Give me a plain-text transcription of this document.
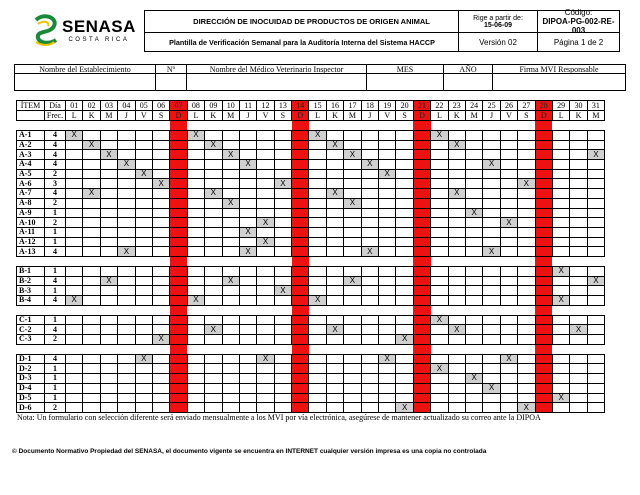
SENASA
COSTA RICA
DIRECCIÓN DE INOCUIDAD DE PRODUCTOS DE ORIGEN ANIMAL	Rige a partir de:
15-06-09
Código:
DIPOA-PG-002-RE-003
Plantilla de Verificación Semanal para la Auditoría Interna del Sistema HACCP	Versión 02	Página 1 de 2
Nombre del Establecimiento	Nº	Nombre del Médico Veterinario Inspector	MES	AÑO	Firma MVI Responsable
ÍTEM	Día	01	02	03	04	05	06	07	08	09	10	11	12	13	14	15	16	17	18	19	20	21	22	23	24	25	26	27	28	29	30	31
	Frec.	L	K	M	J	V	S	D	L	K	M	J	V	S	D	L	K	M	J	V	S	D	L	K	M	J	V	S	D	L	K	M

A-1	4	X							X							X							X									
A-2	4		X							X							X							X								
A-3	4			X							X							X														X
A-4	4				X							X							X							X						
A-5	2					X														X												
A-6	3						X							X														X				
A-7	4		X							X							X							X								
A-8	2										X							X														
A-9	1																								X							
A-10	2												X														X					
A-11	1											X																				
A-12	1												X																			
A-13	4				X							X							X							X						

B-1	1																													X		
B-2	4			X							X							X														X
B-3	1													X																		
B-4	4	X							X							X														X		

C-1	1																						X									
C-2	4									X							X							X							X	
C-3	2						X														X											

D-1	4					X							X							X							X					
D-2	1																						X									
D-3	1																								X							
D-4	1																									X						
D-5	1																													X		
D-6	2																				X							X				
Nota: Un formulario con selección diferente será enviado mensualmente a los MVI por vía electrónica, asegúrese de mantener actualizado su correo ante la DIPOA
© Documento Normativo Propiedad del SENASA, el documento vigente se encuentra en INTERNET cualquier versión impresa es una copia no controlada
